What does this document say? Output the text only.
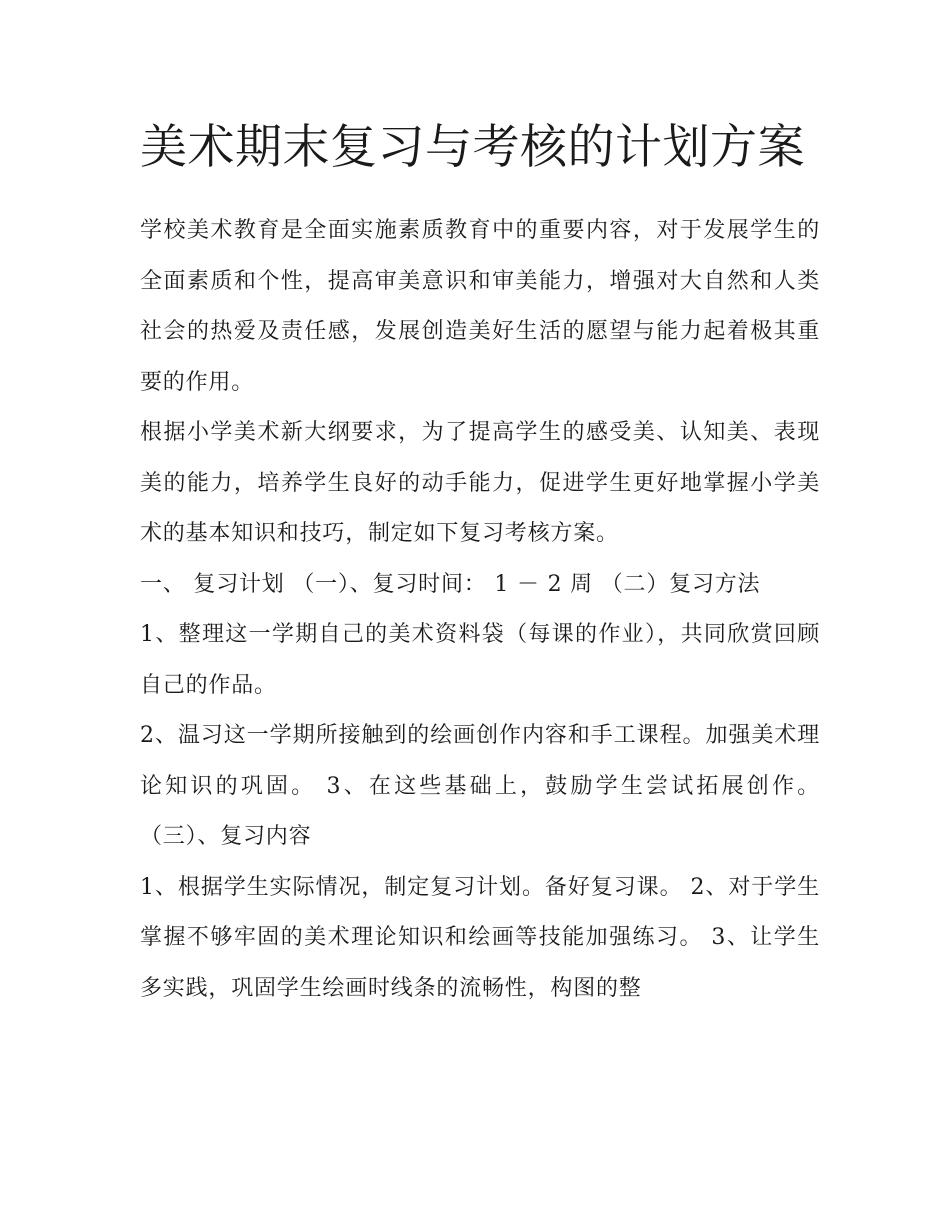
美术期末复习与考核的计划方案

学校美术教育是全面实施素质教育中的重要内容，对于发展学生的全面素质和个性，提高审美意识和审美能力，增强对大自然和人类社会的热爱及责任感，发展创造美好生活的愿望与能力起着极其重要的作用。

根据小学美术新大纲要求，为了提高学生的感受美、认知美、表现美的能力，培养学生良好的动手能力，促进学生更好地掌握小学美术的基本知识和技巧，制定如下复习考核方案。

一、 复习计划 （一）、复习时间： 1 － 2 周 （二）复习方法

1、整理这一学期自己的美术资料袋（每课的作业），共同欣赏回顾自己的作品。

2、温习这一学期所接触到的绘画创作内容和手工课程。加强美术理论知识的巩固。 3、在这些基础上，鼓励学生尝试拓展创作。 （三）、复习内容

1、根据学生实际情况，制定复习计划。备好复习课。 2、对于学生掌握不够牢固的美术理论知识和绘画等技能加强练习。 3、让学生多实践，巩固学生绘画时线条的流畅性，构图的整
